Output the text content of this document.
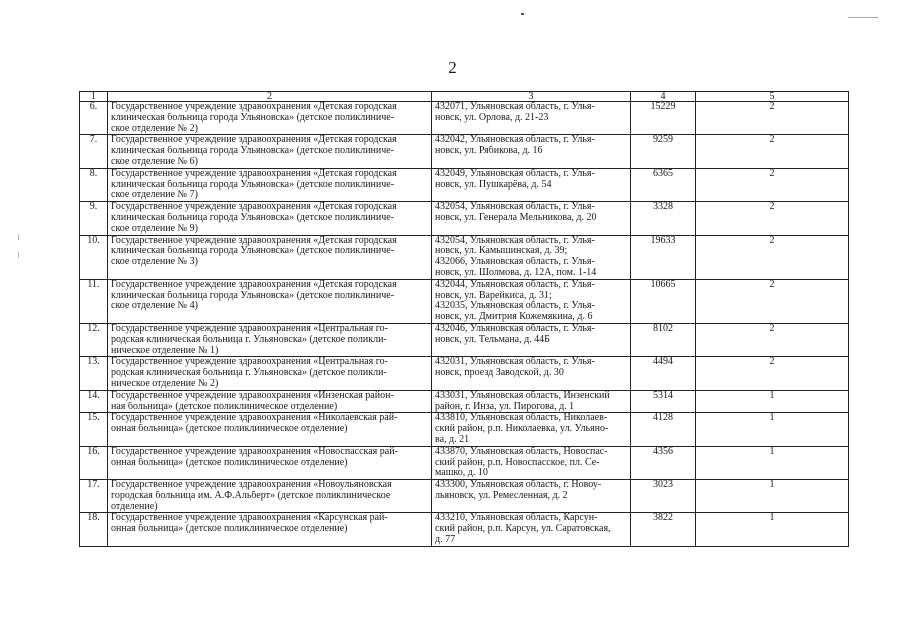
2
1	2	3	4	5
6.	Государственное учреждение здравоохранения «Детская городская
клиническая больница города Ульяновска» (детское поликлиниче-
ское отделение № 2)	432071, Ульяновская область, г. Улья-
новск, ул. Орлова, д. 21-23	15229	2
7.	Государственное учреждение здравоохранения «Детская городская
клиническая больница города Ульяновска» (детское поликлиниче-
ское отделение № 6)	432042, Ульяновская область, г. Улья-
новск, ул. Рябикова, д. 16	9259	2
8.	Государственное учреждение здравоохранения «Детская городская
клиническая больница города Ульяновска» (детское поликлиниче-
ское отделение № 7)	432049, Ульяновская область, г. Улья-
новск, ул. Пушкарёва, д. 54	6365	2
9.	Государственное учреждение здравоохранения «Детская городская
клиническая больница города Ульяновска» (детское поликлиниче-
ское отделение № 9)	432054, Ульяновская область, г. Улья-
новск, ул. Генерала Мельникова, д. 20	3328	2
10.	Государственное учреждение здравоохранения «Детская городская
клиническая больница города Ульяновска» (детское поликлиниче-
ское отделение № 3)	432054, Ульяновская область, г. Улья-
новск, ул. Камышинская, д. 39;
432066, Ульяновская область, г. Улья-
новск, ул. Шолмова, д. 12А, пом. 1-14	19633	2
11.	Государственное учреждение здравоохранения «Детская городская
клиническая больница города Ульяновска» (детское поликлиниче-
ское отделение № 4)	432044, Ульяновская область, г. Улья-
новск, ул. Варейкиса, д. 31;
432035, Ульяновская область, г. Улья-
новск, ул. Дмитрия Кожемякина, д. 6	10665	2
12.	Государственное учреждение здравоохранения «Центральная го-
родская клиническая больница г. Ульяновска» (детское поликли-
ническое отделение № 1)	432046, Ульяновская область, г. Улья-
новск, ул. Тельмана, д. 44Б	8102	2
13.	Государственное учреждение здравоохранения «Центральная го-
родская клиническая больница г. Ульяновска» (детское поликли-
ническое отделение № 2)	432031, Ульяновская область, г. Улья-
новск, проезд Заводской, д. 30	4494	2
14.	Государственное учреждение здравоохранения «Инзенская район-
ная больница» (детское поликлиническое отделение)	433031, Ульяновская область, Инзенский
район, г. Инза, ул. Пирогова, д. 1	5314	1
15.	Государственное учреждение здравоохранения «Николаевская рай-
онная больница» (детское поликлиническое отделение)	433810, Ульяновская область, Николаев-
ский район, р.п. Николаевка, ул. Ульяно-
ва, д. 21	4128	1
16.	Государственное учреждение здравоохранения «Новоспасская рай-
онная больница» (детское поликлиническое отделение)	433870, Ульяновская область, Новоспас-
ский район, р.п. Новоспасское, пл. Се-
машко, д. 10	4356	1
17.	Государственное учреждение здравоохранения «Новоульяновская
городская больница им. А.Ф.Альберт» (детское поликлиническое
отделение)	433300, Ульяновская область, г. Новоу-
льяновск, ул. Ремесленная, д. 2	3023	1
18.	Государственное учреждение здравоохранения «Карсунская рай-
онная больница» (детское поликлиническое отделение)	433210, Ульяновская область, Карсун-
ский район, р.п. Карсун, ул. Саратовская,
д. 77	3822	1
